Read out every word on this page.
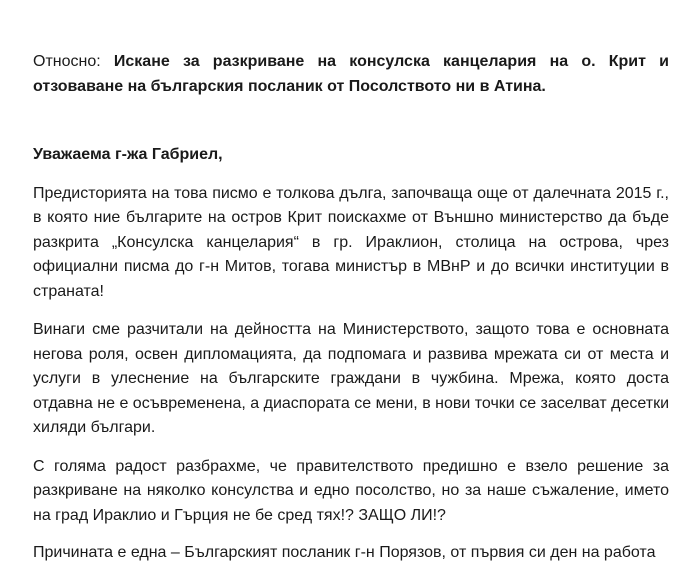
Относно: Искане за разкриване на консулска канцелария на о. Крит и отзоваване на българския посланик от Посолството ни в Атина.

Уважаема г-жа Габриел,

Предисторията на това писмо е толкова дълга, започваща още от далечната 2015 г., в която ние българите на остров Крит поискахме от Външно министерство да бъде разкрита „Консулска канцелария“ в гр. Ираклион, столица на острова, чрез официални писма до г-н Митов, тогава министър в МВнР и до всички институции в страната!

Винаги сме разчитали на дейността на Министерството, защото това е основната негова роля, освен дипломацията, да подпомага и развива мрежата си от места и услуги в улеснение на българските граждани в чужбина. Мрежа, която доста отдавна не е осъвременена, а диаспората се мени, в нови точки се заселват десетки хиляди българи.

С голяма радост разбрахме, че правителството предишно е взело решение за разкриване на няколко консулства и едно посолство, но за наше съжаление, името на град Ираклио и Гърция не бе сред тях!? ЗАЩО ЛИ!?

Причината е една – Българският посланик г-н Порязов, от първия си ден на работа
